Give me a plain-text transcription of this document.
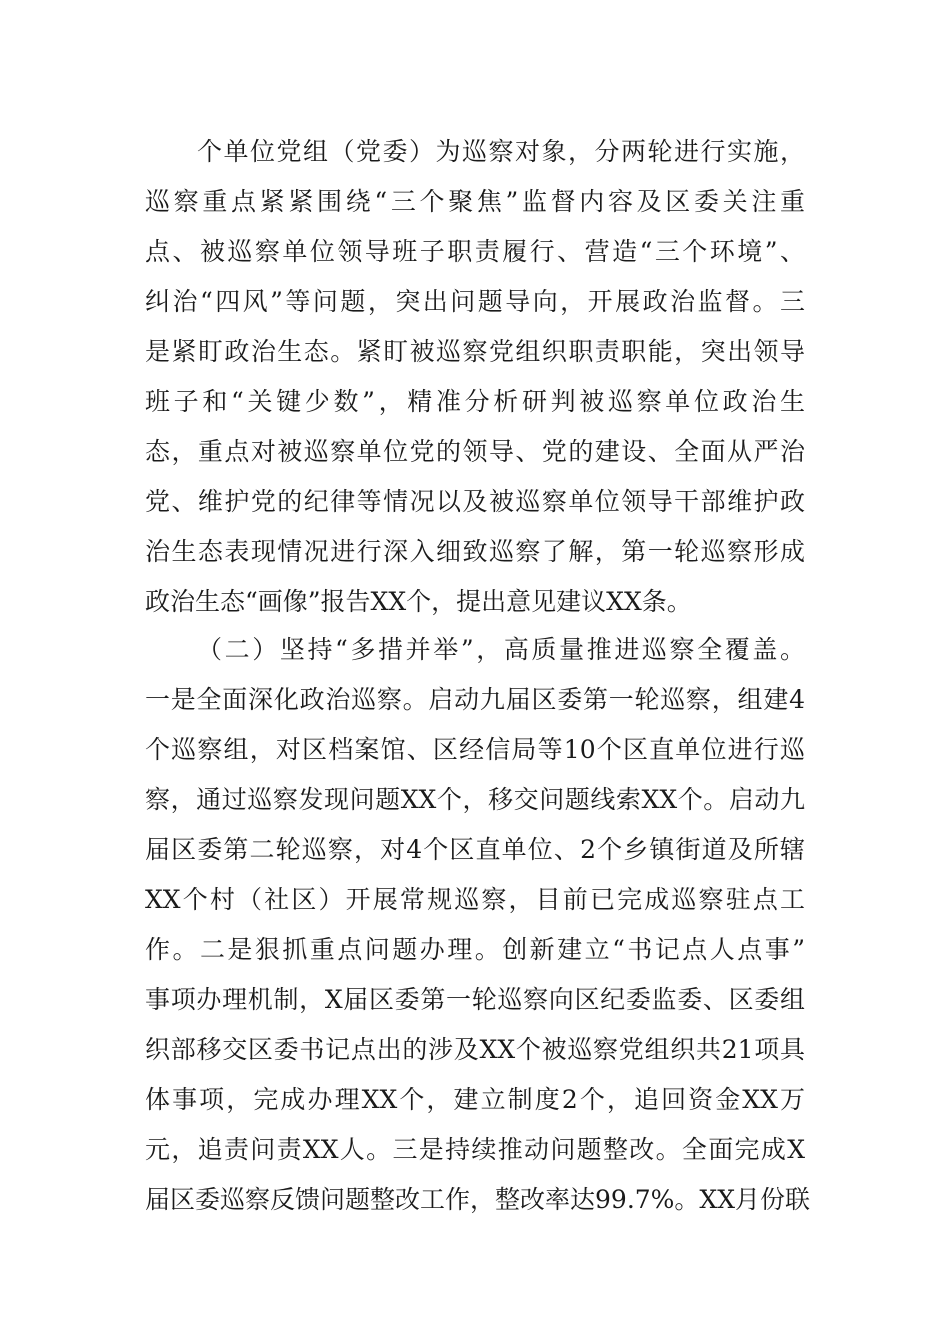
个单位党组（党委）为巡察对象，分两轮进行实施，
巡察重点紧紧围绕“三个聚焦”监督内容及区委关注重
点、被巡察单位领导班子职责履行、营造“三个环境”、
纠治“四风”等问题，突出问题导向，开展政治监督。三
是紧盯政治生态。紧盯被巡察党组织职责职能，突出领导
班子和“关键少数”，精准分析研判被巡察单位政治生
态，重点对被巡察单位党的领导、党的建设、全面从严治
党、维护党的纪律等情况以及被巡察单位领导干部维护政
治生态表现情况进行深入细致巡察了解，第一轮巡察形成
政治生态“画像”报告XX个，提出意见建议XX条。
（二）坚持“多措并举”，高质量推进巡察全覆盖。
一是全面深化政治巡察。启动九届区委第一轮巡察，组建4
个巡察组，对区档案馆、区经信局等10个区直单位进行巡
察，通过巡察发现问题XX个，移交问题线索XX个。启动九
届区委第二轮巡察，对4个区直单位、2个乡镇街道及所辖
XX个村（社区）开展常规巡察，目前已完成巡察驻点工
作。二是狠抓重点问题办理。创新建立“书记点人点事”
事项办理机制，X届区委第一轮巡察向区纪委监委、区委组
织部移交区委书记点出的涉及XX个被巡察党组织共21项具
体事项，完成办理XX个，建立制度2个，追回资金XX万
元，追责问责XX人。三是持续推动问题整改。全面完成X
届区委巡察反馈问题整改工作，整改率达99.7%。XX月份联
